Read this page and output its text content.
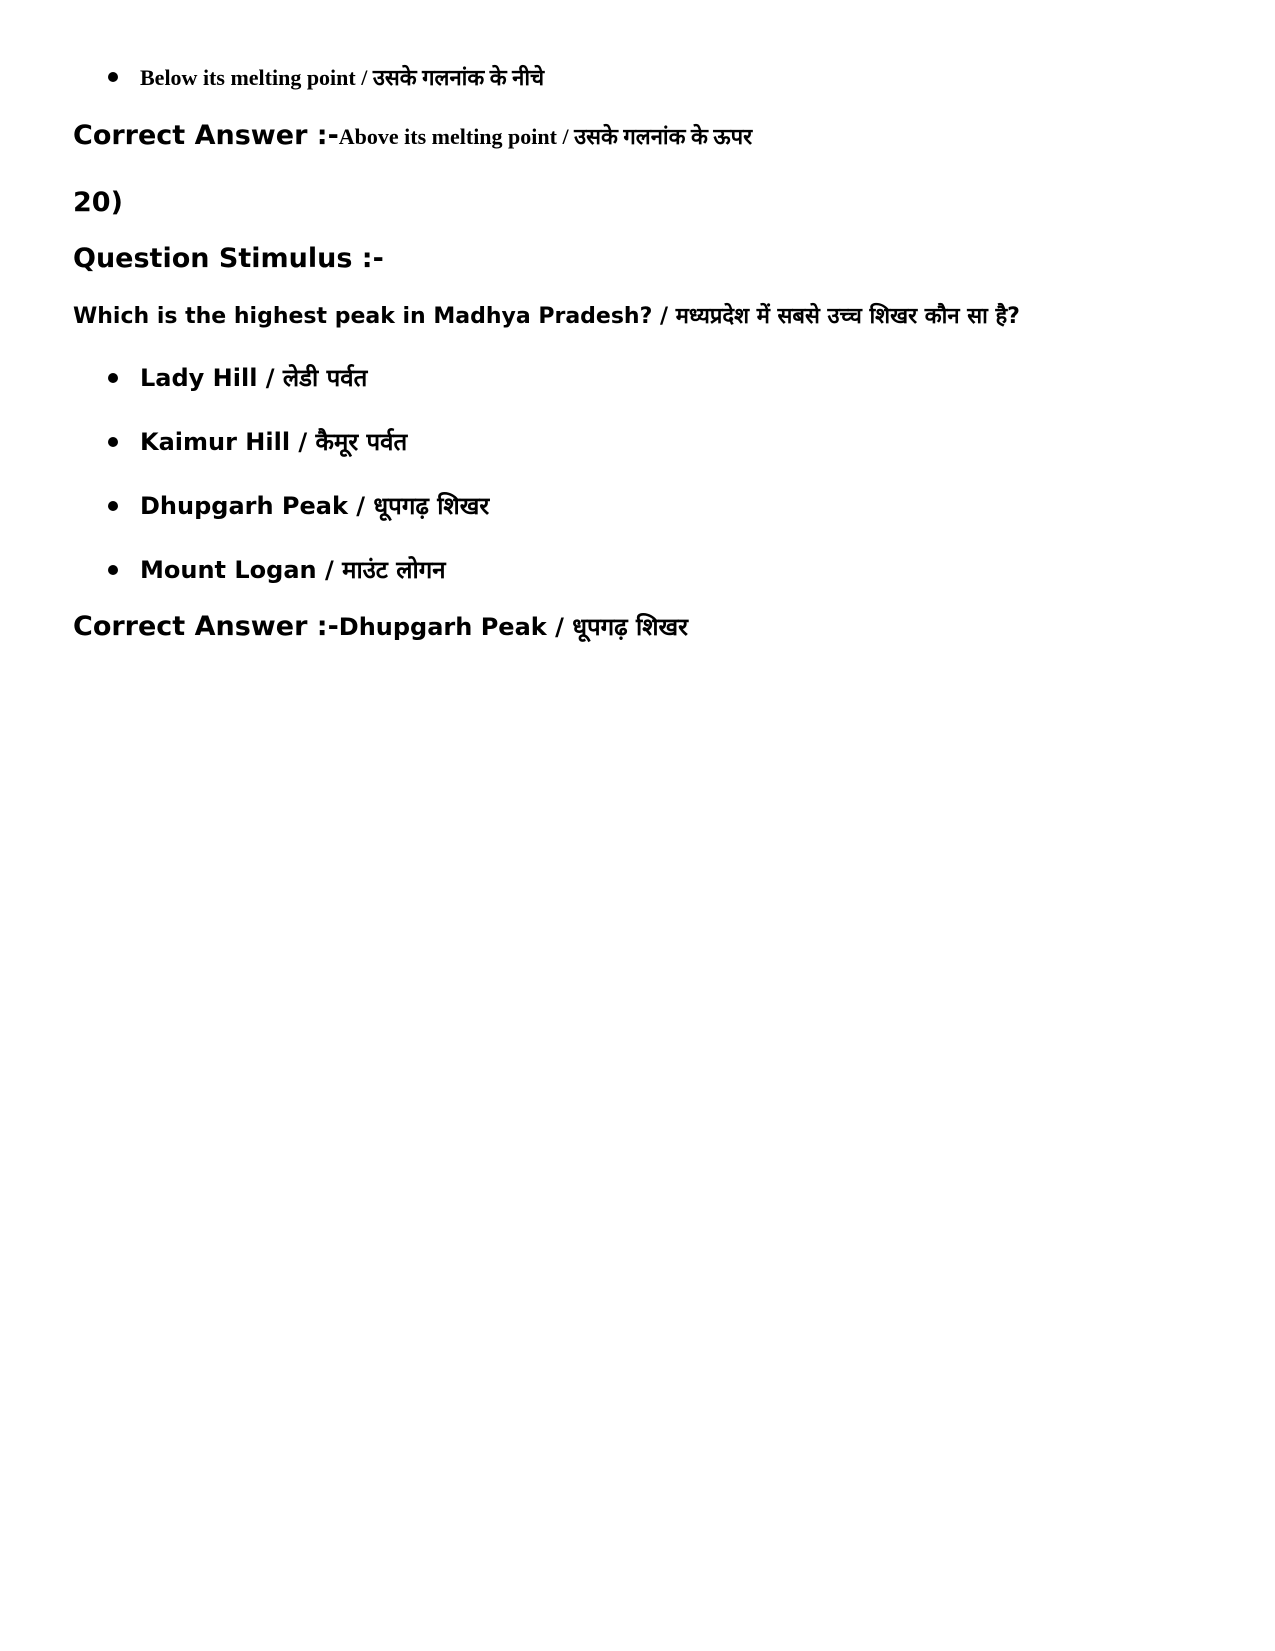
Below its melting point / उसके गलनांक के नीचे
Correct Answer :-Above its melting point / उसके गलनांक के ऊपर
20)
Question Stimulus :-
Which is the highest peak in Madhya Pradesh? / मध्यप्रदेश में सबसे उच्च शिखर कौन सा है?
Lady Hill / लेडी पर्वत
Kaimur Hill / कैमूर पर्वत
Dhupgarh Peak / धूपगढ़ शिखर
Mount Logan / माउंट लोगन
Correct Answer :-Dhupgarh Peak / धूपगढ़ शिखर
